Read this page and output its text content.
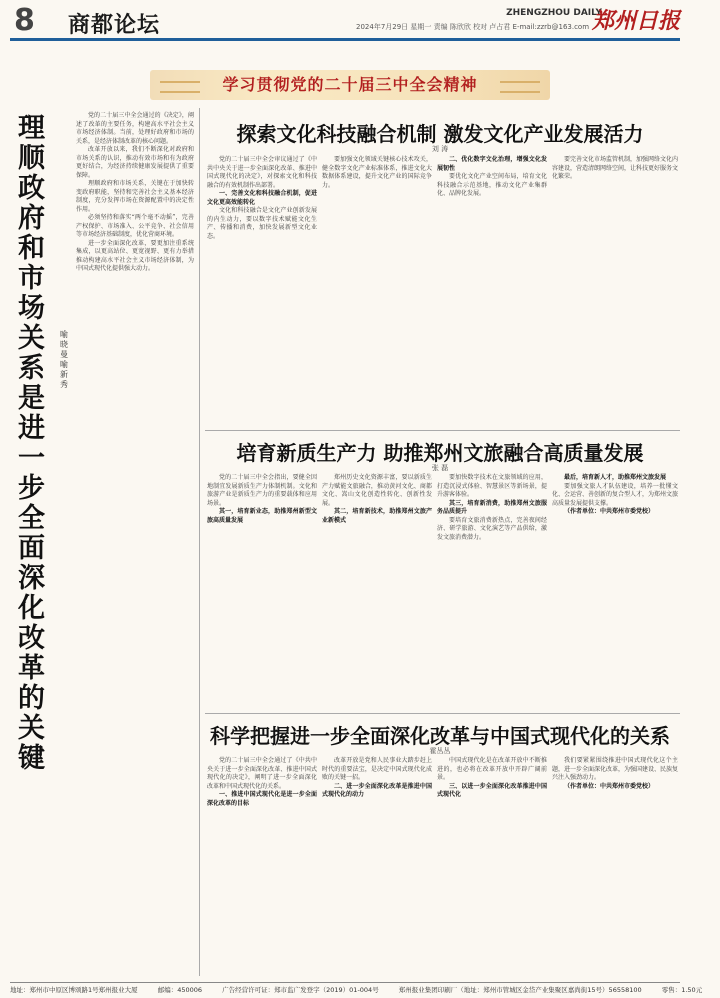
8 商都论坛	2024年7月29日 星期一 责编 陈欣欣 校对 卢占君 E-mail:zzrb@163.com
ZHENGZHOU DAILY
郑州日报
学习贯彻党的二十届三中全会精神
理顺政府和市场关系是进一步全面深化改革的关键
喻晓曼 喻新秀
党的二十届三中全会通过的《决定》，阐述了改革的主要任务，构建高水平社会主义市场经济体制。当前，处理好政府和市场的关系，是经济体制改革的核心问题。
改革开放以来，我们不断深化对政府和市场关系的认识，推动有效市场和有为政府更好结合，为经济持续健康发展提供了重要保障。
理顺政府和市场关系，关键在于加快转变政府职能，坚持和完善社会主义基本经济制度，充分发挥市场在资源配置中的决定性作用。
必须坚持和落实“两个毫不动摇”，完善产权保护、市场准入、公平竞争、社会信用等市场经济基础制度，优化营商环境。
进一步全面深化改革，要更加注重系统集成，以更高站位、更宽视野、更有力举措推动构建高水平社会主义市场经济体制，为中国式现代化提供强大动力。
探索文化科技融合机制 激发文化产业发展活力
刘 涛
党的二十届三中全会审议通过了《中共中央关于进一步全面深化改革、推进中国式现代化的决定》，对探索文化和科技融合的有效机制作出部署。
一、完善文化和科技融合机制，促进文化更高效能转化
文化和科技融合是文化产业创新发展的内生动力，要以数字技术赋能文化生产、传播和消费，加快发展新型文化业态。
要加强文化领域关键核心技术攻关，健全数字文化产业标准体系，推进文化大数据体系建设，提升文化产业的国际竞争力。
二、优化数字文化治理，增强文化发展韧性
要优化文化产业空间布局，培育文化科技融合示范基地，推动文化产业集群化、品牌化发展。
要完善文化市场监管机制，加强网络文化内容建设，营造清朗网络空间，让科技更好服务文化繁荣。
培育新质生产力 助推郑州文旅融合高质量发展
张 磊
党的二十届三中全会指出，要健全因地制宜发展新质生产力体制机制。文化和旅游产业是新质生产力的重要载体和应用场景。
其一，培育新业态，助推郑州新型文旅高质量发展
郑州历史文化资源丰富，要以新质生产力赋能文旅融合，推动黄河文化、商都文化、嵩山文化创造性转化、创新性发展。
其二，培育新技术，助推郑州文旅产业新模式
要加快数字技术在文旅领域的应用，打造沉浸式体验、智慧景区等新场景，提升游客体验。
其三，培育新消费，助推郑州文旅服务品质提升
要培育文旅消费新热点，完善夜间经济、研学旅游、文化演艺等产品供给，激发文旅消费潜力。
最后，培育新人才，助推郑州文旅发展
要加强文旅人才队伍建设，培养一批懂文化、会运营、善创新的复合型人才，为郑州文旅高质量发展提供支撑。
（作者单位：中共郑州市委党校）
科学把握进一步全面深化改革与中国式现代化的关系
霍丛丛
党的二十届三中全会通过了《中共中央关于进一步全面深化改革、推进中国式现代化的决定》，阐明了进一步全面深化改革和中国式现代化的关系。
一、推进中国式现代化是进一步全面深化改革的目标
改革开放是党和人民事业大踏步赶上时代的重要法宝，是决定中国式现代化成败的关键一招。
二、进一步全面深化改革是推进中国式现代化的动力
中国式现代化是在改革开放中不断推进的，也必将在改革开放中开辟广阔前景。
三、以进一步全面深化改革推进中国式现代化
我们要紧紧围绕推进中国式现代化这个主题，进一步全面深化改革，为强国建设、民族复兴注入强劲动力。
（作者单位：中共郑州市委党校）
地址：郑州市中原区博颂路1号郑州报业大厦	邮编：450006	广告经营许可证：郑市监广发登字（2019）01-004号	郑州报业集团印刷厂（地址：郑州市管城区金岱产业集聚区嘉尚街15号）56558100	零售：1.50元
